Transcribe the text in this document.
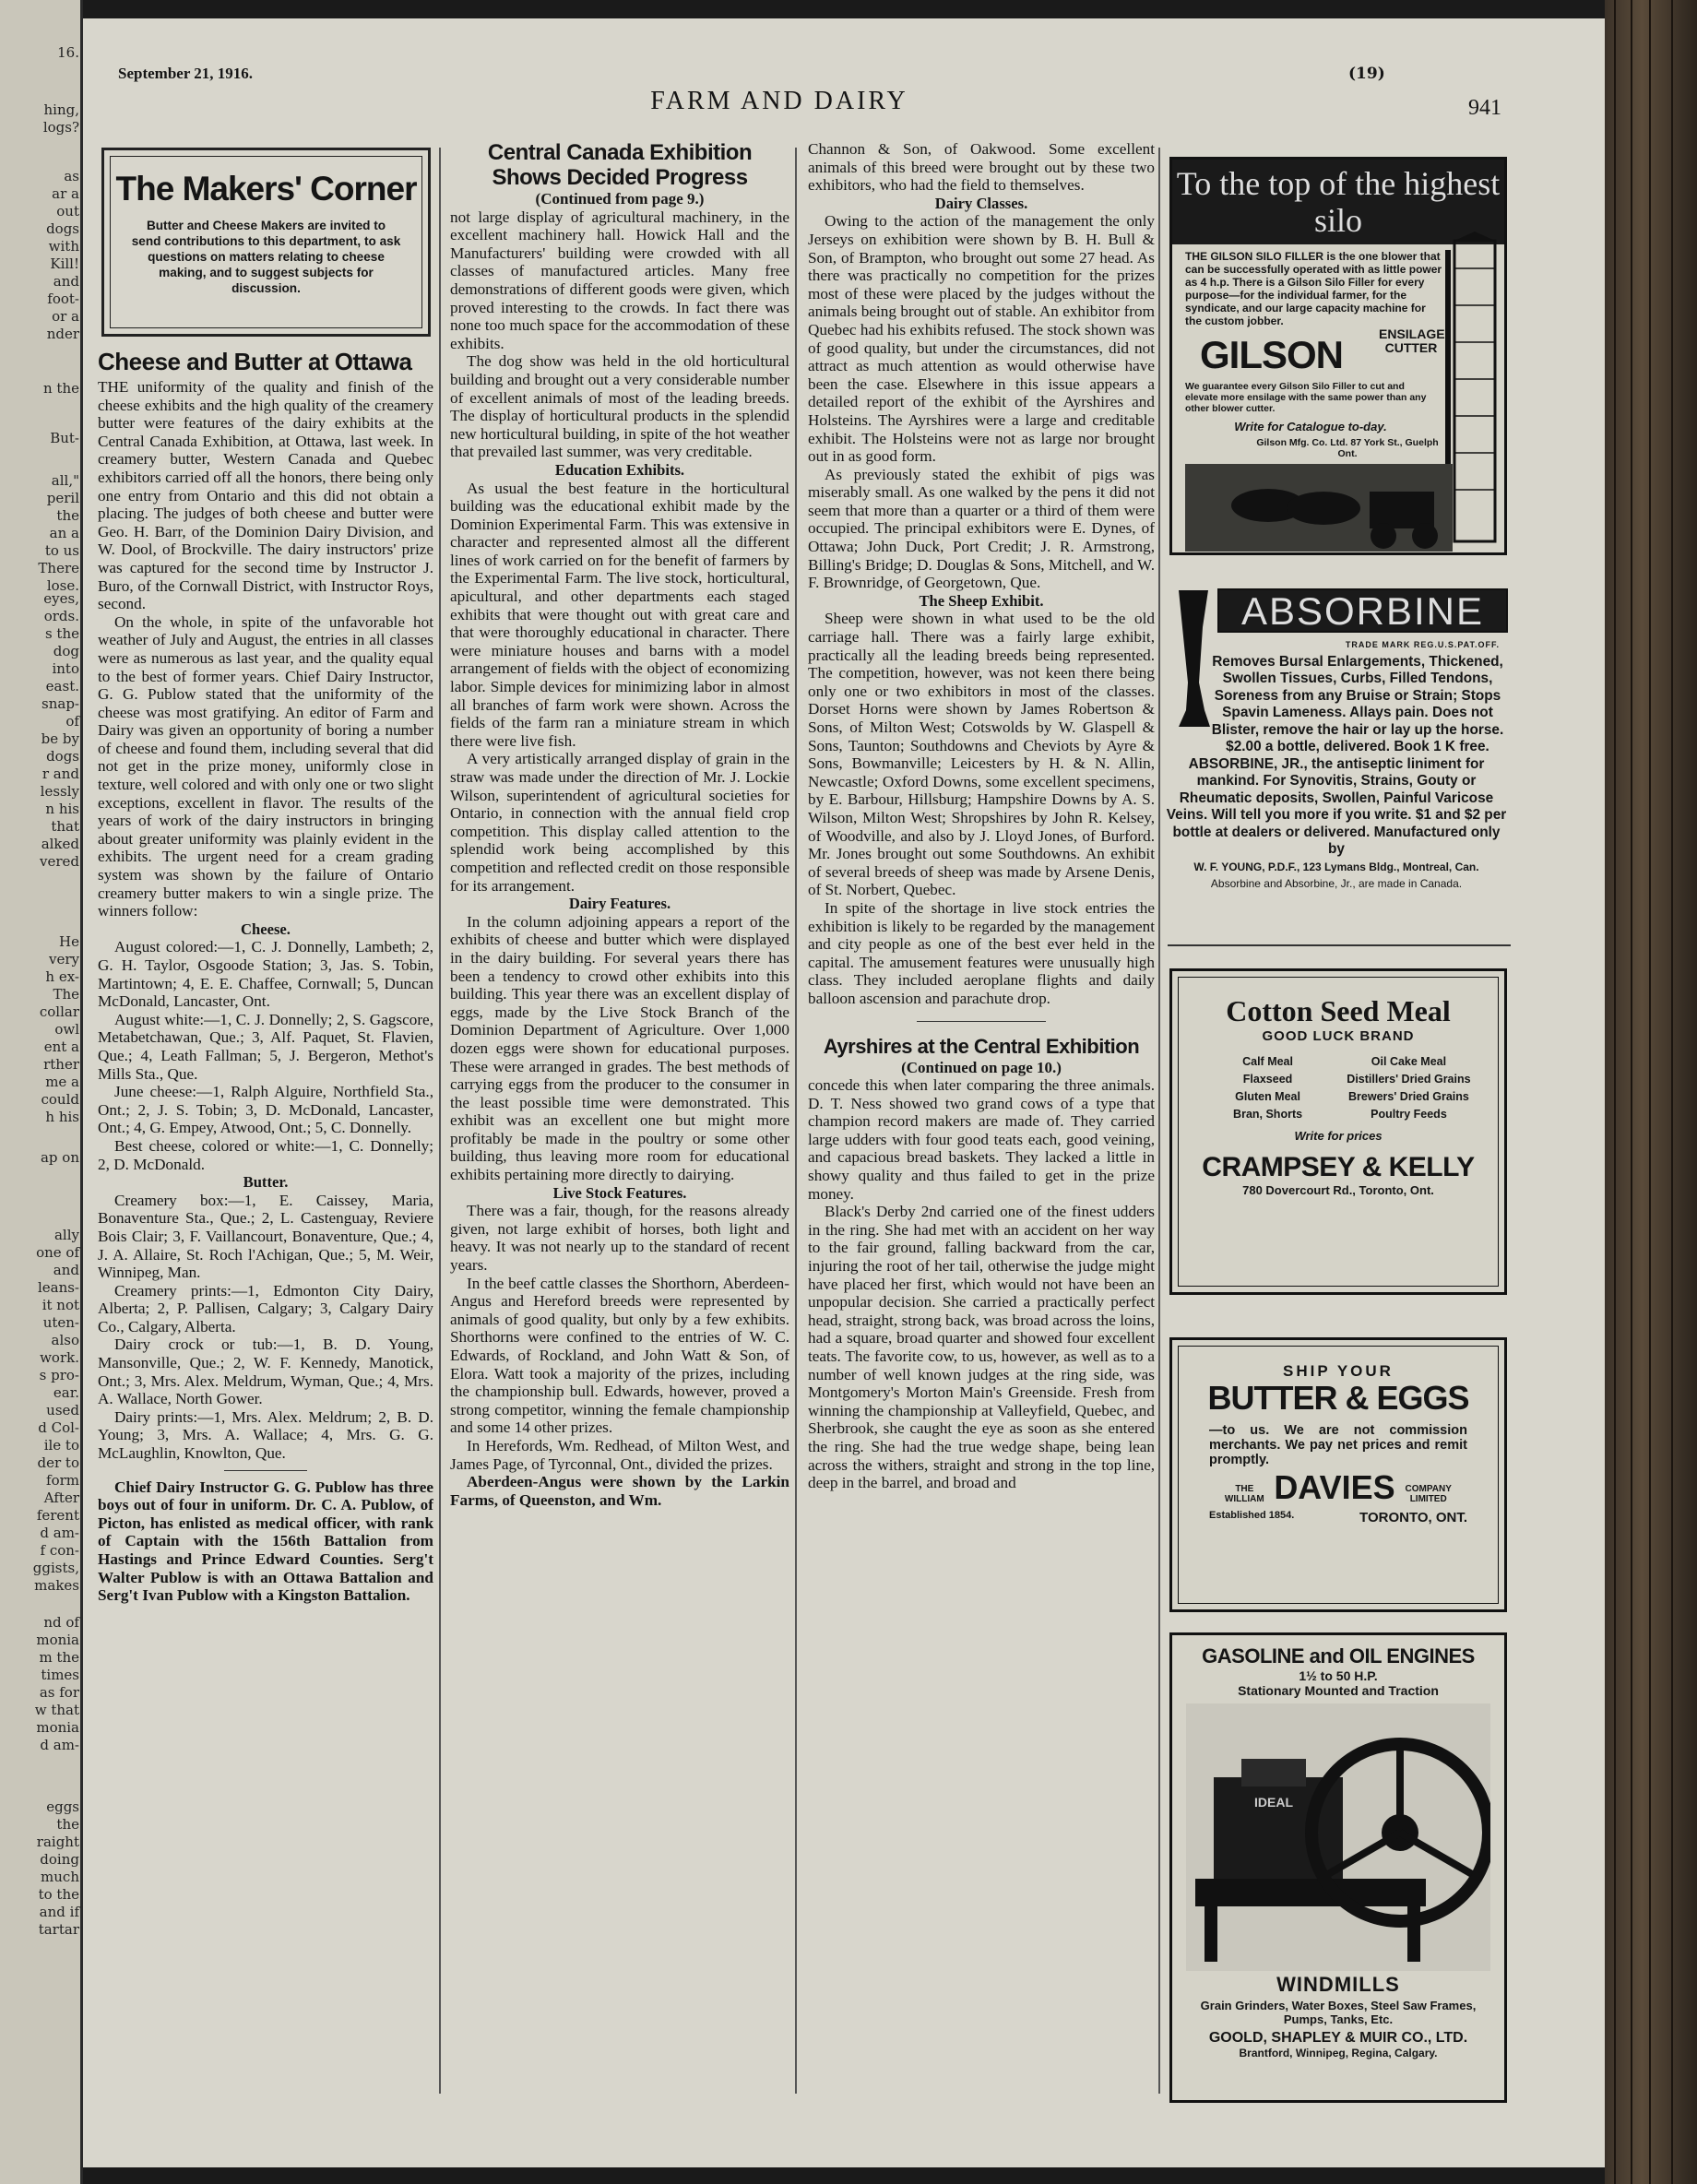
16.
hing,
logs?
as
ar a
out
dogs
with
Kill!
and
foot-
or a
nder
n the
But-
all,"
peril
the
an a
to us
There
lose.
eyes,
ords.
s the
dog
into
east.
snap-
of
be by
dogs
r and
lessly
n his
that
alked
vered
He
very
h ex-
The
collar
owl
ent a
rther
me a
could
h his
ap on
ally
one of
and
leans-
it not
uten-
also
work.
s pro-
ear.
used
d Col-
ile to
der to
form
After
ferent
d am-
f con-
ggists,
makes
nd of
monia
m the
times
as for
w that
monia
d am-
eggs
the
raight
doing
much
to the
and if
tartar
September 21, 1916.
FARM AND DAIRY
(19)
941
The Makers' Corner
Butter and Cheese Makers are invited to send contributions to this department, to ask questions on matters relating to cheese making, and to suggest subjects for discussion.
Cheese and Butter at Ottawa

THE uniformity of the quality and finish of the cheese exhibits and the high quality of the creamery butter were features of the dairy exhibits at the Central Canada Exhibition, at Ottawa, last week. In creamery butter, Western Canada and Quebec exhibitors carried off all the honors, there being only one entry from Ontario and this did not obtain a placing. The judges of both cheese and butter were Geo. H. Barr, of the Dominion Dairy Division, and W. Dool, of Brockville. The dairy instructors' prize was captured for the second time by Instructor J. Buro, of the Cornwall District, with Instructor Roys, second.

On the whole, in spite of the unfavorable hot weather of July and August, the entries in all classes were as numerous as last year, and the quality equal to the best of former years. Chief Dairy Instructor, G. G. Publow stated that the uniformity of the cheese was most gratifying. An editor of Farm and Dairy was given an opportunity of boring a number of cheese and found them, including several that did not get in the prize money, uniformly close in texture, well colored and with only one or two slight exceptions, excellent in flavor. The results of the years of work of the dairy instructors in bringing about greater uniformity was plainly evident in the exhibits. The urgent need for a cream grading system was shown by the failure of Ontario creamery butter makers to win a single prize. The winners follow:

Cheese.

August colored:—1, C. J. Donnelly, Lambeth; 2, G. H. Taylor, Osgoode Station; 3, Jas. S. Tobin, Martintown; 4, E. E. Chaffee, Cornwall; 5, Duncan McDonald, Lancaster, Ont.

August white:—1, C. J. Donnelly; 2, S. Gagscore, Metabetchawan, Que.; 3, Alf. Paquet, St. Flavien, Que.; 4, Leath Fallman; 5, J. Bergeron, Methot's Mills Sta., Que.

June cheese:—1, Ralph Alguire, Northfield Sta., Ont.; 2, J. S. Tobin; 3, D. McDonald, Lancaster, Ont.; 4, G. Empey, Atwood, Ont.; 5, C. Donnelly.

Best cheese, colored or white:—1, C. Donnelly; 2, D. McDonald.

Butter.

Creamery box:—1, E. Caissey, Maria, Bonaventure Sta., Que.; 2, L. Castenguay, Reviere Bois Clair; 3, F. Vaillancourt, Bonaventure, Que.; 4, J. A. Allaire, St. Roch l'Achigan, Que.; 5, M. Weir, Winnipeg, Man.

Creamery prints:—1, Edmonton City Dairy, Alberta; 2, P. Pallisen, Calgary; 3, Calgary Dairy Co., Calgary, Alberta.

Dairy crock or tub:—1, B. D. Young, Mansonville, Que.; 2, W. F. Kennedy, Manotick, Ont.; 3, Mrs. Alex. Meldrum, Wyman, Que.; 4, Mrs. A. Wallace, North Gower.

Dairy prints:—1, Mrs. Alex. Meldrum; 2, B. D. Young; 3, Mrs. A. Wallace; 4, Mrs. G. G. McLaughlin, Knowlton, Que.

Chief Dairy Instructor G. G. Publow has three boys out of four in uniform. Dr. C. A. Publow, of Picton, has enlisted as medical officer, with rank of Captain with the 156th Battalion from Hastings and Prince Edward Counties. Serg't Walter Publow is with an Ottawa Battalion and Serg't Ivan Publow with a Kingston Battalion.

Central Canada Exhibition Shows Decided Progress
(Continued from page 9.)

not large display of agricultural machinery, in the excellent machinery hall. Howick Hall and the Manufacturers' building were crowded with all classes of manufactured articles. Many free demonstrations of different goods were given, which proved interesting to the crowds. In fact there was none too much space for the accommodation of these exhibits.

The dog show was held in the old horticultural building and brought out a very considerable number of excellent animals of most of the leading breeds. The display of horticultural products in the splendid new horticultural building, in spite of the hot weather that prevailed last summer, was very creditable.

Education Exhibits.

As usual the best feature in the horticultural building was the educational exhibit made by the Dominion Experimental Farm. This was extensive in character and represented almost all the different lines of work carried on for the benefit of farmers by the Experimental Farm. The live stock, horticultural, apicultural, and other departments each staged exhibits that were thought out with great care and that were thoroughly educational in character. There were miniature houses and barns with a model arrangement of fields with the object of economizing labor. Simple devices for minimizing labor in almost all branches of farm work were shown. Across the fields of the farm ran a miniature stream in which there were live fish.

A very artistically arranged display of grain in the straw was made under the direction of Mr. J. Lockie Wilson, superintendent of agricultural societies for Ontario, in connection with the annual field crop competition. This display called attention to the splendid work being accomplished by this competition and reflected credit on those responsible for its arrangement.

Dairy Features.

In the column adjoining appears a report of the exhibits of cheese and butter which were displayed in the dairy building. For several years there has been a tendency to crowd other exhibits into this building. This year there was an excellent display of eggs, made by the Live Stock Branch of the Dominion Department of Agriculture. Over 1,000 dozen eggs were shown for educational purposes. These were arranged in grades. The best methods of carrying eggs from the producer to the consumer in the least possible time were demonstrated. This exhibit was an excellent one but might more profitably be made in the poultry or some other building, thus leaving more room for educational exhibits pertaining more directly to dairying.

Live Stock Features.

There was a fair, though, for the reasons already given, not large exhibit of horses, both light and heavy. It was not nearly up to the standard of recent years.

In the beef cattle classes the Shorthorn, Aberdeen-Angus and Hereford breeds were represented by animals of good quality, but only by a few exhibits. Shorthorns were confined to the entries of W. C. Edwards, of Rockland, and John Watt & Son, of Elora. Watt took a majority of the prizes, including the championship bull. Edwards, however, proved a strong competitor, winning the female championship and some 14 other prizes.

In Herefords, Wm. Redhead, of Milton West, and James Page, of Tyrconnal, Ont., divided the prizes.

Aberdeen-Angus were shown by the Larkin Farms, of Queenston, and Wm.

Channon & Son, of Oakwood. Some excellent animals of this breed were brought out by these two exhibitors, who had the field to themselves.

Dairy Classes.

Owing to the action of the management the only Jerseys on exhibition were shown by B. H. Bull & Son, of Brampton, who brought out some 27 head. As there was practically no competition for the prizes most of these were placed by the judges without the animals being brought out of stable. An exhibitor from Quebec had his exhibits refused. The stock shown was of good quality, but under the circumstances, did not attract as much attention as would otherwise have been the case. Elsewhere in this issue appears a detailed report of the exhibit of the Ayrshires and Holsteins. The Ayrshires were a large and creditable exhibit. The Holsteins were not as large nor brought out in as good form.

As previously stated the exhibit of pigs was miserably small. As one walked by the pens it did not seem that more than a quarter or a third of them were occupied. The principal exhibitors were E. Dynes, of Ottawa; John Duck, Port Credit; J. R. Armstrong, Billing's Bridge; D. Douglas & Sons, Mitchell, and W. F. Brownridge, of Georgetown, Que.

The Sheep Exhibit.

Sheep were shown in what used to be the old carriage hall. There was a fairly large exhibit, practically all the leading breeds being represented. The competition, however, was not keen there being only one or two exhibitors in most of the classes. Dorset Horns were shown by James Robertson & Sons, of Milton West; Cotswolds by W. Glaspell & Sons, Taunton; Southdowns and Cheviots by Ayre & Sons, Bowmanville; Leicesters by H. & N. Allin, Newcastle; Oxford Downs, some excellent specimens, by E. Barbour, Hillsburg; Hampshire Downs by A. S. Wilson, Milton West; Shropshires by John R. Kelsey, of Woodville, and also by J. Lloyd Jones, of Burford. Mr. Jones brought out some Southdowns. An exhibit of several breeds of sheep was made by Arsene Denis, of St. Norbert, Quebec.

In spite of the shortage in live stock entries the exhibition is likely to be regarded by the management and city people as one of the best ever held in the capital. The amusement features were unusually high class. They included aeroplane flights and daily balloon ascension and parachute drop.

Ayrshires at the Central Exhibition
(Continued on page 10.)

concede this when later comparing the three animals. D. T. Ness showed two grand cows of a type that champion record makers are made of. They carried large udders with four good teats each, good veining, and capacious bread baskets. They lacked a little in showy quality and thus failed to get in the prize money.

Black's Derby 2nd carried one of the finest udders in the ring. She had met with an accident on her way to the fair ground, falling backward from the car, injuring the root of her tail, otherwise the judge might have placed her first, which would not have been an unpopular decision. She carried a practically perfect head, straight, strong back, was broad across the loins, had a square, broad quarter and showed four excellent teats. The favorite cow, to us, however, as well as to a number of well known judges at the ring side, was Montgomery's Morton Main's Greenside. Fresh from winning the championship at Valleyfield, Quebec, and Sherbrook, she caught the eye as soon as she entered the ring. She had the true wedge shape, being lean across the withers, straight and strong in the top line, deep in the barrel, and broad and

To the top of the highest silo
THE GILSON SILO FILLER is the one blower that can be successfully operated with as little power as 4 h.p. There is a Gilson Silo Filler for every purpose—for the individual farmer, for the syndicate, and our large capacity machine for the custom jobber.
GILSON	ENSILAGE CUTTER
We guarantee every Gilson Silo Filler to cut and elevate more ensilage with the same power than any other blower cutter.
Write for Catalogue to-day.
Gilson Mfg. Co. Ltd. 87 York St., Guelph Ont.
ABSORBINE
TRADE MARK REG.U.S.PAT.OFF.
Removes Bursal Enlargements, Thickened, Swollen Tissues, Curbs, Filled Tendons, Soreness from any Bruise or Strain; Stops Spavin Lameness. Allays pain. Does not Blister, remove the hair or lay up the horse. $2.00 a bottle, delivered. Book 1 K free.
ABSORBINE, JR., the antiseptic liniment for mankind. For Synovitis, Strains, Gouty or Rheumatic deposits, Swollen, Painful Varicose Veins. Will tell you more if you write. $1 and $2 per bottle at dealers or delivered. Manufactured only by
W. F. YOUNG, P.D.F., 123 Lymans Bldg., Montreal, Can.
Absorbine and Absorbine, Jr., are made in Canada.
Cotton Seed Meal
GOOD LUCK BRAND
Calf Meal	Oil Cake Meal
Flaxseed	Distillers' Dried Grains
Gluten Meal	Brewers' Dried Grains
Bran, Shorts	Poultry Feeds
Write for prices
CRAMPSEY & KELLY
780 Dovercourt Rd., Toronto, Ont.
SHIP YOUR
BUTTER & EGGS
—to us. We are not commission merchants. We pay net prices and remit promptly.
THE WILLIAM DAVIES	COMPANY LIMITED
Established 1854.	TORONTO, ONT.
GASOLINE and OIL ENGINES
1½ to 50 H.P.
Stationary Mounted and Traction
IDEAL
WINDMILLS
Grain Grinders, Water Boxes, Steel Saw Frames, Pumps, Tanks, Etc.
GOOLD, SHAPLEY & MUIR CO., LTD.
Brantford, Winnipeg, Regina, Calgary.
